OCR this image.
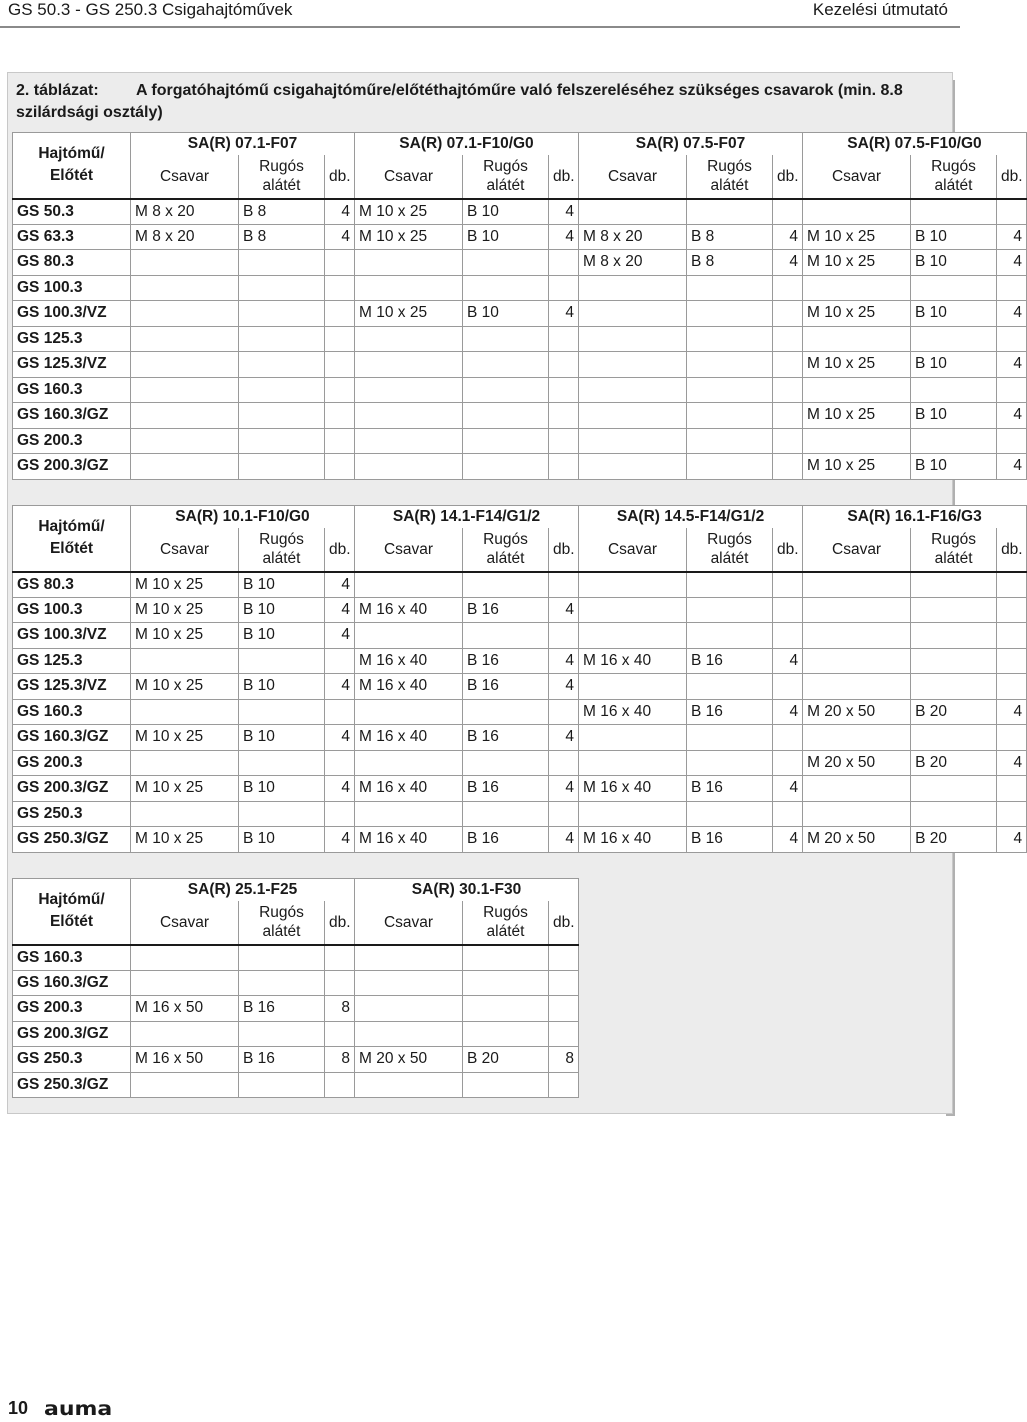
GS 50.3 - GS 250.3 Csigahajtóművek	Kezelési útmutató
2. táblázat: A forgatóhajtómű csigahajtóműre/előtéthajtóműre való felszereléséhez szükséges csavarok (min. 8.8 szilárdsági osztály)
Hajtómű/ Előtét	SA(R) 07.1-F07			SA(R) 07.1-F10/G0			SA(R) 07.5-F07			SA(R) 07.5-F10/G0		
	Csavar	Rugós alátét	db.	Csavar	Rugós alátét	db.	Csavar	Rugós alátét	db.	Csavar	Rugós alátét	db.
GS 50.3	M 8 x 20	B 8	4	M 10 x 25	B 10	4						
GS 63.3	M 8 x 20	B 8	4	M 10 x 25	B 10	4	M 8 x 20	B 8	4	M 10 x 25	B 10	4
GS 80.3							M 8 x 20	B 8	4	M 10 x 25	B 10	4
GS 100.3												
GS 100.3/VZ				M 10 x 25	B 10	4				M 10 x 25	B 10	4
GS 125.3												
GS 125.3/VZ										M 10 x 25	B 10	4
GS 160.3												
GS 160.3/GZ										M 10 x 25	B 10	4
GS 200.3												
GS 200.3/GZ										M 10 x 25	B 10	4
Hajtómű/ Előtét	SA(R) 10.1-F10/G0			SA(R) 14.1-F14/G1/2			SA(R) 14.5-F14/G1/2			SA(R) 16.1-F16/G3		
	Csavar	Rugós alátét	db.	Csavar	Rugós alátét	db.	Csavar	Rugós alátét	db.	Csavar	Rugós alátét	db.
GS 80.3	M 10 x 25	B 10	4									
GS 100.3	M 10 x 25	B 10	4	M 16 x 40	B 16	4						
GS 100.3/VZ	M 10 x 25	B 10	4									
GS 125.3				M 16 x 40	B 16	4	M 16 x 40	B 16	4			
GS 125.3/VZ	M 10 x 25	B 10	4	M 16 x 40	B 16	4						
GS 160.3							M 16 x 40	B 16	4	M 20 x 50	B 20	4
GS 160.3/GZ	M 10 x 25	B 10	4	M 16 x 40	B 16	4						
GS 200.3										M 20 x 50	B 20	4
GS 200.3/GZ	M 10 x 25	B 10	4	M 16 x 40	B 16	4	M 16 x 40	B 16	4			
GS 250.3												
GS 250.3/GZ	M 10 x 25	B 10	4	M 16 x 40	B 16	4	M 16 x 40	B 16	4	M 20 x 50	B 20	4
Hajtómű/ Előtét	SA(R) 25.1-F25			SA(R) 30.1-F30		
	Csavar	Rugós alátét	db.	Csavar	Rugós alátét	db.
GS 160.3						
GS 160.3/GZ						
GS 200.3	M 16 x 50	B 16	8			
GS 200.3/GZ						
GS 250.3	M 16 x 50	B 16	8	M 20 x 50	B 20	8
GS 250.3/GZ						
10 auma
